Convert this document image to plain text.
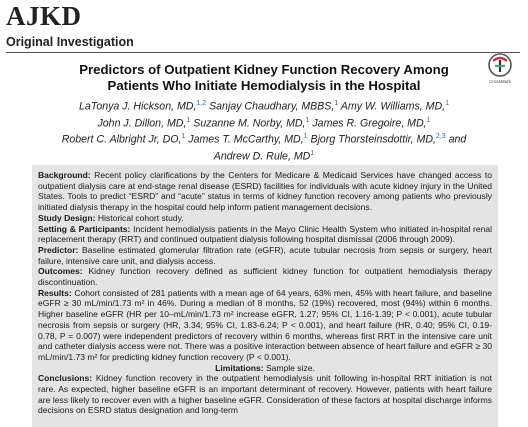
AJKD
Original Investigation
Predictors of Outpatient Kidney Function Recovery Among
Patients Who Initiate Hemodialysis in the Hospital	CrossMark
LaTonya J. Hickson, MD,$^{1,2}$ Sanjay Chaudhary, MBBS,$^1$ Amy W. Williams, MD,$^1$
John J. Dillon, MD,$^1$ Suzanne M. Norby, MD,$^1$ James R. Gregoire, MD,$^1$
Robert C. Albright Jr, DO,$^1$ James T. McCarthy, MD,$^1$ Bjorg Thorsteinsdottir, MD,$^{2,3}$ and
Andrew D. Rule, $MD^1$

Background: Recent policy clarifications by the Centers for Medicare & Medicaid Services have changed access to outpatient dialysis care at end-stage renal disease (ESRD) facilities for individuals with acute kidney injury in the United States. Tools to predict “ESRD” and “acute” status in terms of kidney function recovery among patients who previously initiated dialysis therapy in the hospital could help inform patient management decisions.

Study Design: Historical cohort study.

Setting & Participants: Incident hemodialysis patients in the Mayo Clinic Health System who initiated in-hospital renal replacement therapy (RRT) and continued outpatient dialysis following hospital dismissal (2006 through 2009).

Predictor: Baseline estimated glomerular filtration rate (eGFR), acute tubular necrosis from sepsis or surgery, heart failure, intensive care unit, and dialysis access.

Outcomes: Kidney function recovery defined as sufficient kidney function for outpatient hemodialysis therapy discontinuation.

Results: Cohort consisted of 281 patients with a mean age of 64 years, 63% men, 45% with heart failure, and baseline eGFR ≥ 30 mL/min/1.73 m² in 46%. During a median of 8 months, 52 (19%) recovered, most (94%) within 6 months. Higher baseline eGFR (HR per 10–mL/min/1.73 m² increase eGFR, 1.27; 95% CI, 1.16-1.39; P < 0.001), acute tubular necrosis from sepsis or surgery (HR, 3.34; 95% CI, 1.83-6.24; P < 0.001), and heart failure (HR, 0.40; 95% CI, 0.19-0.78, P = 0.007) were independent predictors of recovery within 6 months, whereas first RRT in the intensive care unit and catheter dialysis access were not. There was a positive interaction between absence of heart failure and eGFR ≥ 30 mL/min/1.73 m² for predicting kidney function recovery (P < 0.001).

Limitations: Sample size.

Conclusions: Kidney function recovery in the outpatient hemodialysis unit following in-hospital RRT initiation is not rare. As expected, higher baseline eGFR is an important determinant of recovery. However, patients with heart failure are less likely to recover even with a higher baseline eGFR. Consideration of these factors at hospital discharge informs decisions on ESRD status designation and long-term
